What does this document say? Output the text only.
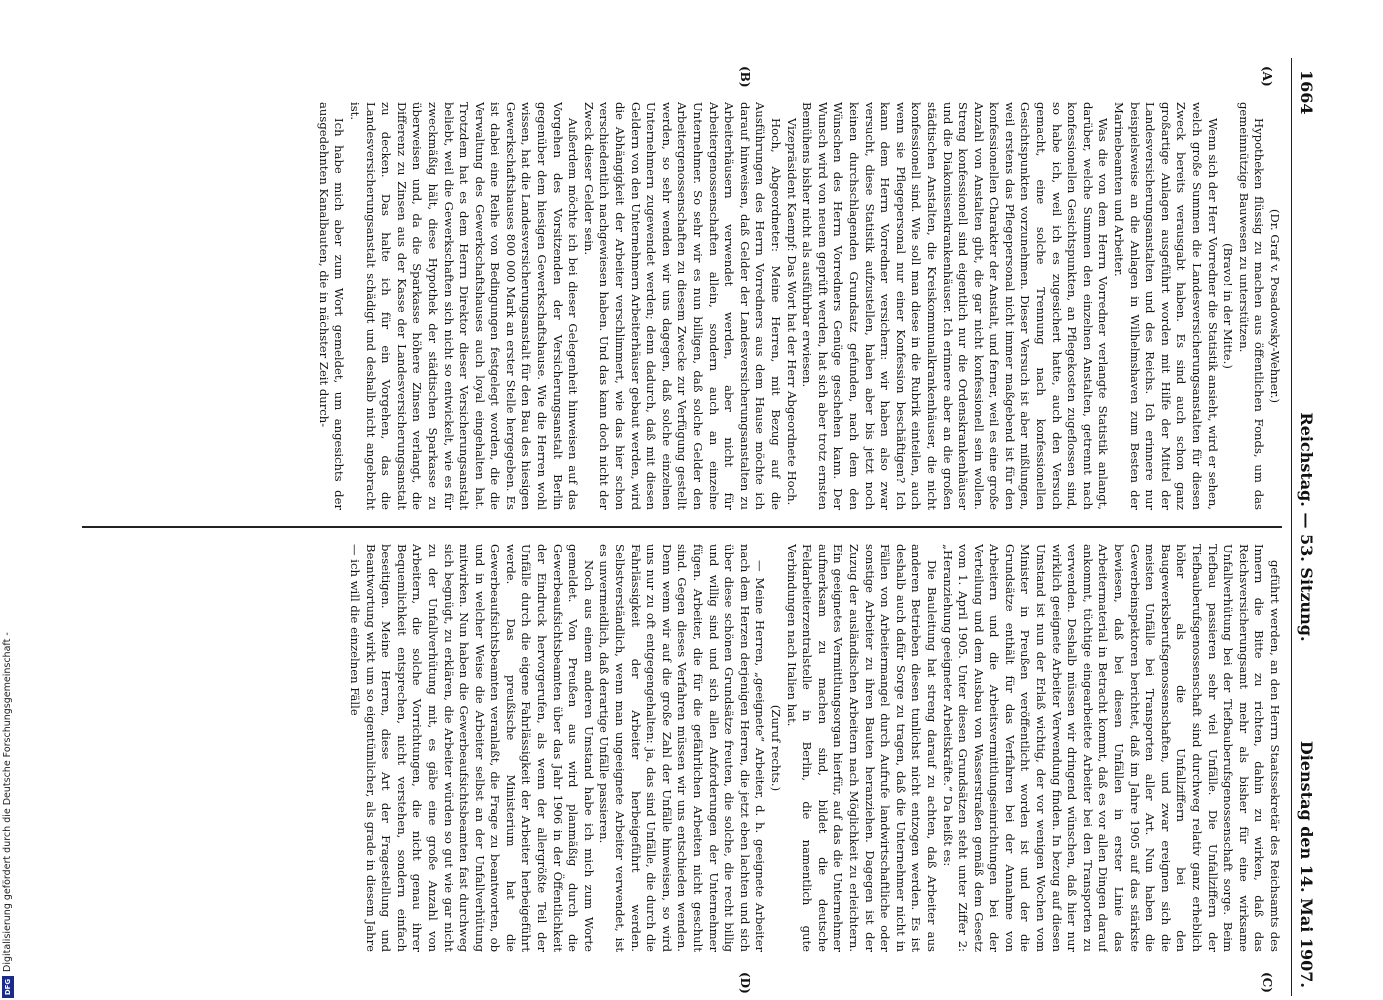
1664
Reichstag. — 53. Sitzung.
Dienstag den 14. Mai 1907.
(A)
(B)
(C)
(D)

(Dr. Graf v. Posadowsky-Wehner.)

Hypotheken flüssig zu machen aus öffentlichen Fonds, um das gemeinnützige Bauwesen zu unterstützen.

(Bravo! in der Mitte.)

Wenn sich der Herr Vorredner die Statistik ansieht, wird er sehen, welch große Summen die Landesversicherungsanstalten für diesen Zweck bereits verausgabt haben. Es sind auch schon ganz großartige Anlagen ausgeführt worden mit Hilfe der Mittel der Landesversicherungsanstalten und des Reichs. Ich erinnere nur beispielsweise an die Anlagen in Wilhelmshaven zum Besten der Marinebeamten und Arbeiter.

Was die von dem Herrn Vorredner verlangte Statistik anlangt, darüber, welche Summen den einzelnen Anstalten, getrennt nach konfessionellen Gesichtspunkten, an Pflegekosten zugeflossen sind, so habe ich, weil ich es zugesichert hatte, auch den Versuch gemacht, eine solche Trennung nach konfessionellen Gesichtspunkten vorzunehmen. Dieser Versuch ist aber mißlungen, weil erstens das Pflegepersonal nicht immer maßgebend ist für den konfessionellen Charakter der Anstalt, und ferner, weil es eine große Anzahl von Anstalten gibt, die gar nicht konfessionell sein wollen. Streng konfessionell sind eigentlich nur die Ordenskrankenhäuser und die Diakonissenkrankenhäuser. Ich erinnere aber an die großen städtischen Anstalten, die Kreiskommunalkrankenhäuser, die nicht konfessionell sind. Wie soll man diese in die Rubrik einteilen, auch wenn sie Pflegepersonal nur einer Konfession beschäftigen? Ich kann dem Herrn Vorredner versichern: wir haben also zwar versucht, diese Statistik aufzustellen, haben aber bis jetzt noch keinen durchschlagenden Grundsatz gefunden, nach dem den Wünschen des Herrn Vorredners Genüge geschehen kann. Der Wunsch wird von neuem geprüft werden, hat sich aber trotz ernsten Bemühens bisher nicht als ausführbar erwiesen.

Vizepräsident Kaempf: Das Wort hat der Herr Abgeordnete Hoch.

Hoch, Abgeordneter: Meine Herren, mit Bezug auf die Ausführungen des Herrn Vorredners aus dem Hause möchte ich darauf hinweisen, daß Gelder der Landesversicherungsanstalten zu Arbeiterhäusern verwendet werden, aber nicht für Arbeitergenossenschaften allein, sondern auch an einzelne Unternehmer. So sehr wir es nun billigen, daß solche Gelder den Arbeitergenossenschaften zu diesem Zwecke zur Verfügung gestellt werden, so sehr wenden wir uns dagegen, daß solche einzelnen Unternehmern zugewendet werden; denn dadurch, daß mit diesen Geldern von den Unternehmern Arbeiterhäuser gebaut werden, wird die Abhängigkeit der Arbeiter verschlimmert, wie das hier schon verschiedentlich nachgewiesen haben. Und das kann doch nicht der Zweck dieser Gelder sein.

Außerdem möchte ich bei dieser Gelegenheit hinweisen auf das Vorgehen des Vorsitzenden der Versicherungsanstalt Berlin gegenüber dem hiesigen Gewerkschaftshause. Wie die Herren wohl wissen, hat die Landesversicherungsanstalt für den Bau des hiesigen Gewerkschaftshauses 800 000 Mark an erster Stelle hergegeben. Es ist dabei eine Reihe von Bedingungen festgelegt worden, die die Verwaltung des Gewerkschaftshauses auch loyal eingehalten hat. Trotzdem hat es dem Herrn Direktor dieser Versicherungsanstalt beliebt, weil die Gewerkschaften sich nicht so entwickelt, wie es für zweckmäßig hält, diese Hypothek der städtischen Sparkasse zu überweisen und, da die Sparkasse höhere Zinsen verlangt, die Differenz zu Zinsen aus der Kasse der Landesversicherungsanstalt zu decken. Das halte ich für ein Vorgehen, das die Landesversicherungsanstalt schädigt und deshalb nicht angebracht ist.

Ich habe mich aber zum Wort gemeldet, um angesichts der ausgedehnten Kanalbauten, die in nächster Zeit durch-

geführt werden, an den Herrn Staatssekretär des Reichsamts des Innern die Bitte zu richten, dahin zu wirken, daß das Reichsversicherungsamt mehr als bisher für eine wirksame Unfallverhütung bei der Tiefbauberufsgenossenschaft sorge. Beim Tiefbau passieren sehr viel Unfälle. Die Unfallziffern der Tiefbauberufsgenossenschaft sind durchweg relativ ganz erheblich höher als die Unfallziffern bei den Baugewerksberufsgenossenschaften, und zwar ereignen sich die meisten Unfälle bei Transporten aller Art. Nun haben die Gewerbeinspektoren berichtet, daß im Jahre 1905 auf das stärkste bewiesen, daß bei diesen Unfällen in erster Linie das Arbeitermaterial in Betracht kommt, daß es vor allen Dingen darauf ankommt, tüchtige eingearbeitete Arbeiter bei den Transporten zu verwenden. Deshalb müssen wir dringend wünschen, daß hier nur wirklich geeignete Arbeiter Verwendung finden. In bezug auf diesen Umstand ist nun der Erlaß wichtig, der vor wenigen Wochen vom Minister in Preußen veröffentlicht worden ist und der die Grundsätze enthält für das Verfahren bei der Annahme von Arbeitern und die Arbeitsvermittlungseinrichtungen bei der Verteilung und dem Ausbau von Wasserstraßen gemäß dem Gesetz vom 1. April 1905. Unter diesen Grundsätzen steht unter Ziffer 2: „Heranziehung geeigneter Arbeitskräfte.“ Da heißt es:

Die Bauleitung hat streng darauf zu achten, daß Arbeiter aus anderen Betrieben diesen tunlichst nicht entzogen werden. Es ist deshalb auch dafür Sorge zu tragen, daß die Unternehmer nicht in Fällen von Arbeitermangel durch Aufrufe landwirtschaftliche oder sonstige Arbeiter zu ihren Bauten heranziehen. Dagegen ist der Zuzug der ausländischen Arbeitern nach Möglichkeit zu erleichtern. Ein geeignetes Vermittlungsorgan hierfür, auf das die Unternehmer aufmerksam zu machen sind, bildet die deutsche Feldarbeiterzentralstelle in Berlin, die namentlich gute Verbindungen nach Italien hat.

(Zuruf rechts.)

— Meine Herren, „geeignete“ Arbeiter, d. h. geeignete Arbeiter nach dem Herzen derjenigen Herren, die jetzt eben lachten und sich über diese schönen Grundsätze freuten, die solche, die recht billig und willig sind und sich allen Anforderungen der Unternehmer fügen. Arbeiter, die für die gefährlichen Arbeiten nicht geschult sind. Gegen dieses Verfahren müssen wir uns entschieden wenden. Denn wenn wir auf die große Zahl der Unfälle hinweisen, so wird uns nur zu oft entgegengehalten: ja, das sind Unfälle, die durch die Fahrlässigkeit der Arbeiter herbeigeführt werden. Selbstverständlich, wenn man ungeeignete Arbeiter verwendet, ist es unvermeidlich, daß derartige Unfälle passieren.

Noch aus einem anderen Umstand habe ich mich zum Worte gemeldet. Von Preußen aus wird planmäßig durch die Gewerbeaufsichtsbeamten über das Jahr 1906 in der Öffentlichkeit der Eindruck hervorgerufen, als wenn der allergrößte Teil der Unfälle durch die eigene Fahrlässigkeit der Arbeiter herbeigeführt werde. Das preußische Ministerium hat die Gewerbeaufsichtsbeamten veranlaßt, die Frage zu beantworten, ob und in welcher Weise die Arbeiter selbst an der Unfallverhütung mitwirken. Nun haben die Gewerbeaufsichtsbeamten fast durchweg sich begnügt, zu erklären, die Arbeiter würden so gut wie gar nicht zu der Unfallverhütung mit, es gäbe eine große Anzahl von Arbeitern, die solche Vorrichtungen, die nicht genau ihrer Bequemlichkeit entsprechen, nicht verstehen, sondern einfach beseitigen. Meine Herren, diese Art der Fragestellung und Beantwortung wirkt um so eigentümlicher, als grade in diesem Jahre — ich will die einzelnen Fälle

DFGDigitalisierung gefördert durch die Deutsche Forschungsgemeinschaft -
